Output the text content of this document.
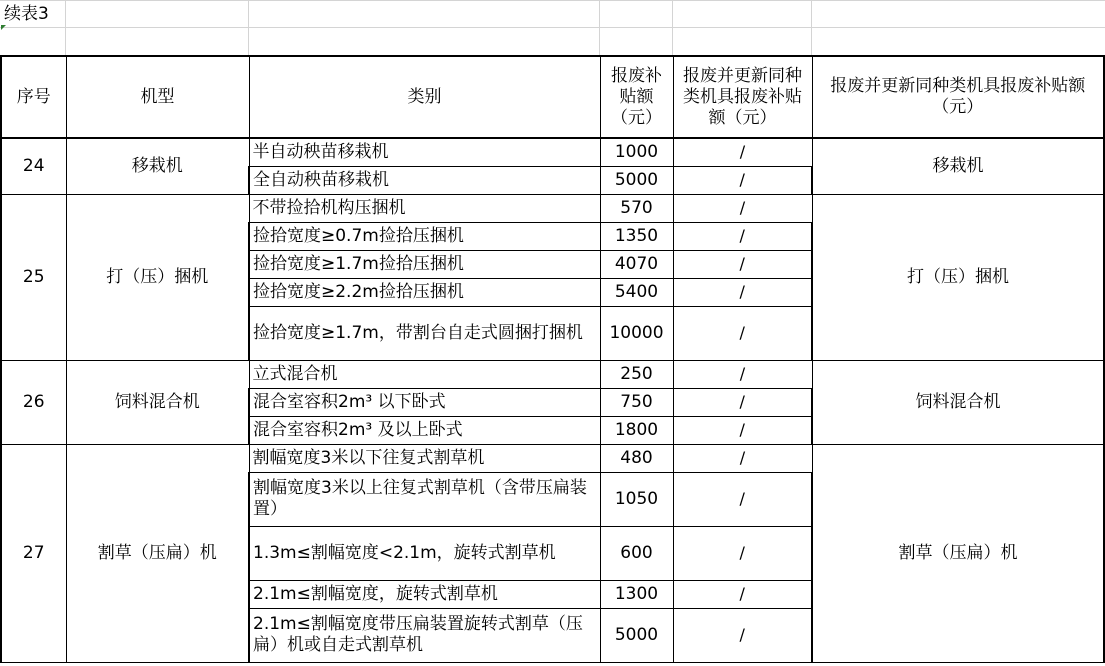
续表3
序号	机型	类别	报废补贴额（元）	报废并更新同种类机具报废补贴额（元）	报废并更新同种类机具报废补贴额（元）
24	移栽机	半自动秧苗移栽机	1000	/	移栽机
		全自动秧苗移栽机	5000	/	
25	打（压）捆机	不带捡拾机构压捆机	570	/	打（压）捆机
		捡拾宽度≥0.7m捡拾压捆机	1350	/	
		捡拾宽度≥1.7m捡拾压捆机	4070	/	
		捡拾宽度≥2.2m捡拾压捆机	5400	/	
		捡拾宽度≥1.7m，带割台自走式圆捆打捆机	10000	/	
26	饲料混合机	立式混合机	250	/	饲料混合机
		混合室容积2m³ 以下卧式	750	/	
		混合室容积2m³ 及以上卧式	1800	/	
27	割草（压扁）机	割幅宽度3米以下往复式割草机	480	/	割草（压扁）机
		割幅宽度3米以上往复式割草机（含带压扁装置）	1050	/	
		1.3m≤割幅宽度<2.1m，旋转式割草机	600	/	
		2.1m≤割幅宽度，旋转式割草机	1300	/	
		2.1m≤割幅宽度带压扁装置旋转式割草（压扁）机或自走式割草机	5000	/	
